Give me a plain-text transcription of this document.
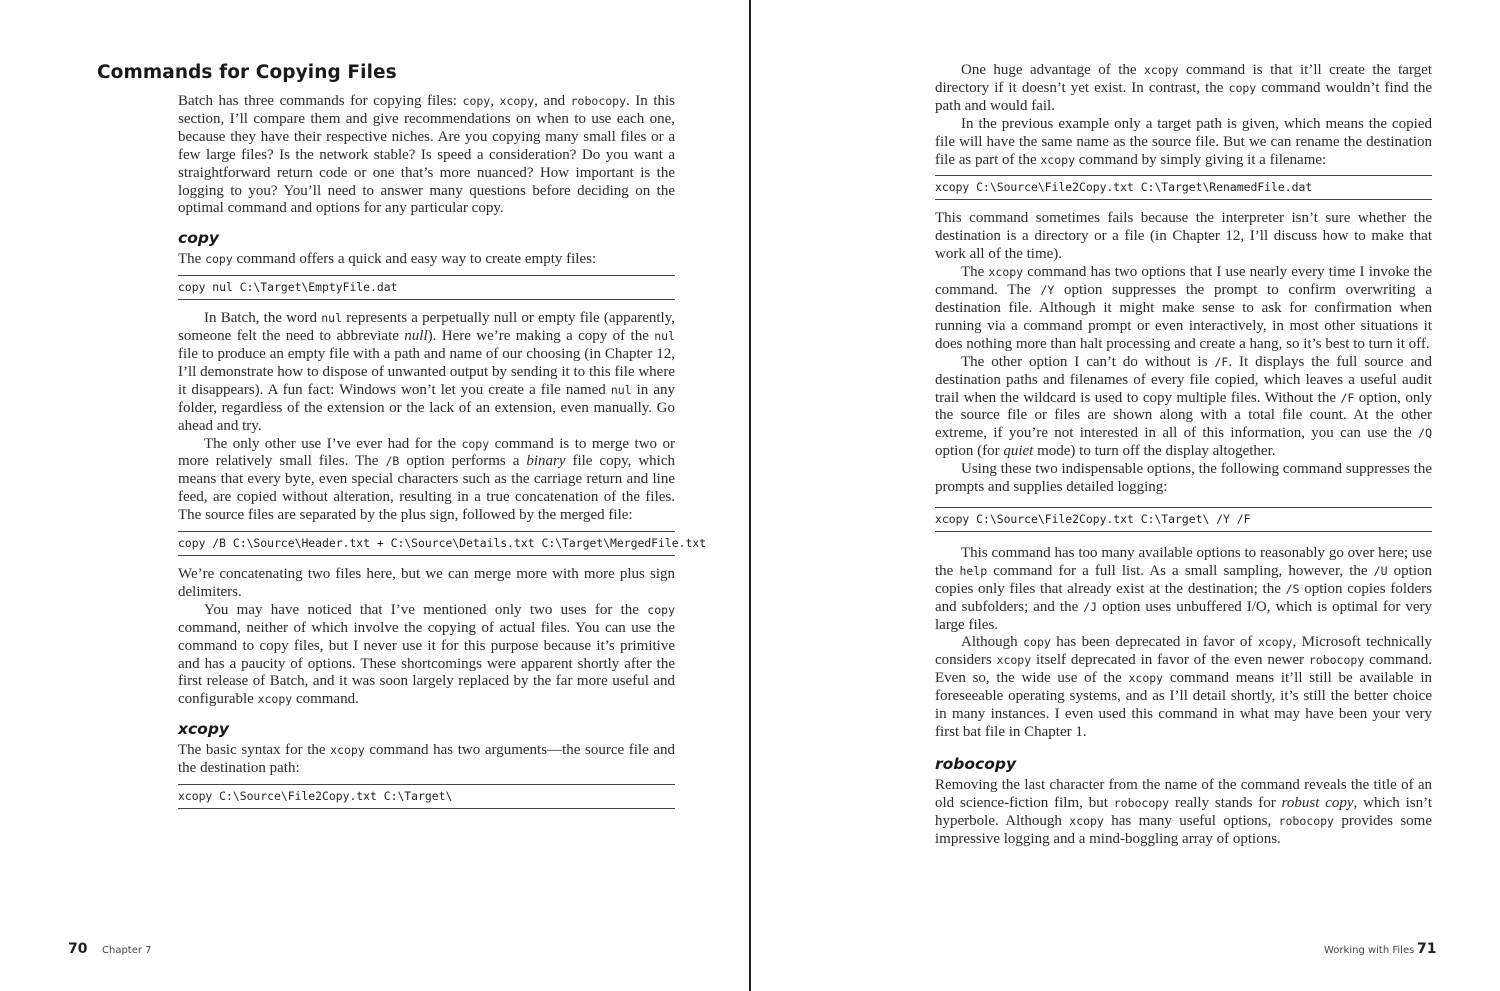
Commands for Copying Files

Batch has three commands for copying files: copy, xcopy, and robocopy. In this section, I’ll compare them and give recommendations on when to use each one, because they have their respective niches. Are you copying many small files or a few large files? Is the network stable? Is speed a consideration? Do you want a straightforward return code or one that’s more nuanced? How important is the logging to you? You’ll need to answer many questions before deciding on the optimal command and options for any particular copy.

copy

The copy command offers a quick and easy way to create empty files:

copy nul C:\Target\EmptyFile.dat

In Batch, the word nul represents a perpetually null or empty file (apparently, someone felt the need to abbreviate null). Here we’re making a copy of the nul file to produce an empty file with a path and name of our choosing (in Chapter 12, I’ll demonstrate how to dispose of unwanted output by sending it to this file where it disappears). A fun fact: Windows won’t let you create a file named nul in any folder, regardless of the extension or the lack of an extension, even manually. Go ahead and try.

The only other use I’ve ever had for the copy command is to merge two or more relatively small files. The /B option performs a binary file copy, which means that every byte, even special characters such as the carriage return and line feed, are copied without alteration, resulting in a true concatenation of the files. The source files are separated by the plus sign, followed by the merged file:

copy /B C:\Source\Header.txt + C:\Source\Details.txt C:\Target\MergedFile.txt

We’re concatenating two files here, but we can merge more with more plus sign delimiters.

You may have noticed that I’ve mentioned only two uses for the copy command, neither of which involve the copying of actual files. You can use the command to copy files, but I never use it for this purpose because it’s primitive and has a paucity of options. These shortcomings were apparent shortly after the first release of Batch, and it was soon largely replaced by the far more useful and configurable xcopy command.

xcopy

The basic syntax for the xcopy command has two arguments—the source file and the destination path:

xcopy C:\Source\File2Copy.txt C:\Target\
70 Chapter 7

One huge advantage of the xcopy command is that it’ll create the target directory if it doesn’t yet exist. In contrast, the copy command wouldn’t find the path and would fail.

In the previous example only a target path is given, which means the copied file will have the same name as the source file. But we can rename the destination file as part of the xcopy command by simply giving it a filename:

xcopy C:\Source\File2Copy.txt C:\Target\RenamedFile.dat

This command sometimes fails because the interpreter isn’t sure whether the destination is a directory or a file (in Chapter 12, I’ll discuss how to make that work all of the time).

The xcopy command has two options that I use nearly every time I invoke the command. The /Y option suppresses the prompt to confirm overwriting a destination file. Although it might make sense to ask for confirmation when running via a command prompt or even interactively, in most other situations it does nothing more than halt processing and create a hang, so it’s best to turn it off.

The other option I can’t do without is /F. It displays the full source and destination paths and filenames of every file copied, which leaves a useful audit trail when the wildcard is used to copy multiple files. Without the /F option, only the source file or files are shown along with a total file count. At the other extreme, if you’re not interested in all of this information, you can use the /Q option (for quiet mode) to turn off the display altogether.

Using these two indispensable options, the following command suppresses the prompts and supplies detailed logging:

xcopy C:\Source\File2Copy.txt C:\Target\ /Y /F

This command has too many available options to reasonably go over here; use the help command for a full list. As a small sampling, however, the /U option copies only files that already exist at the destination; the /S option copies folders and subfolders; and the /J option uses unbuffered I/O, which is optimal for very large files.

Although copy has been deprecated in favor of xcopy, Microsoft technically considers xcopy itself deprecated in favor of the even newer robocopy command. Even so, the wide use of the xcopy command means it’ll still be available in foreseeable operating systems, and as I’ll detail shortly, it’s still the better choice in many instances. I even used this command in what may have been your very first bat file in Chapter 1.

robocopy

Removing the last character from the name of the command reveals the title of an old science-fiction film, but robocopy really stands for robust copy, which isn’t hyperbole. Although xcopy has many useful options, robocopy provides some impressive logging and a mind-boggling array of options.

Working with Files 71
